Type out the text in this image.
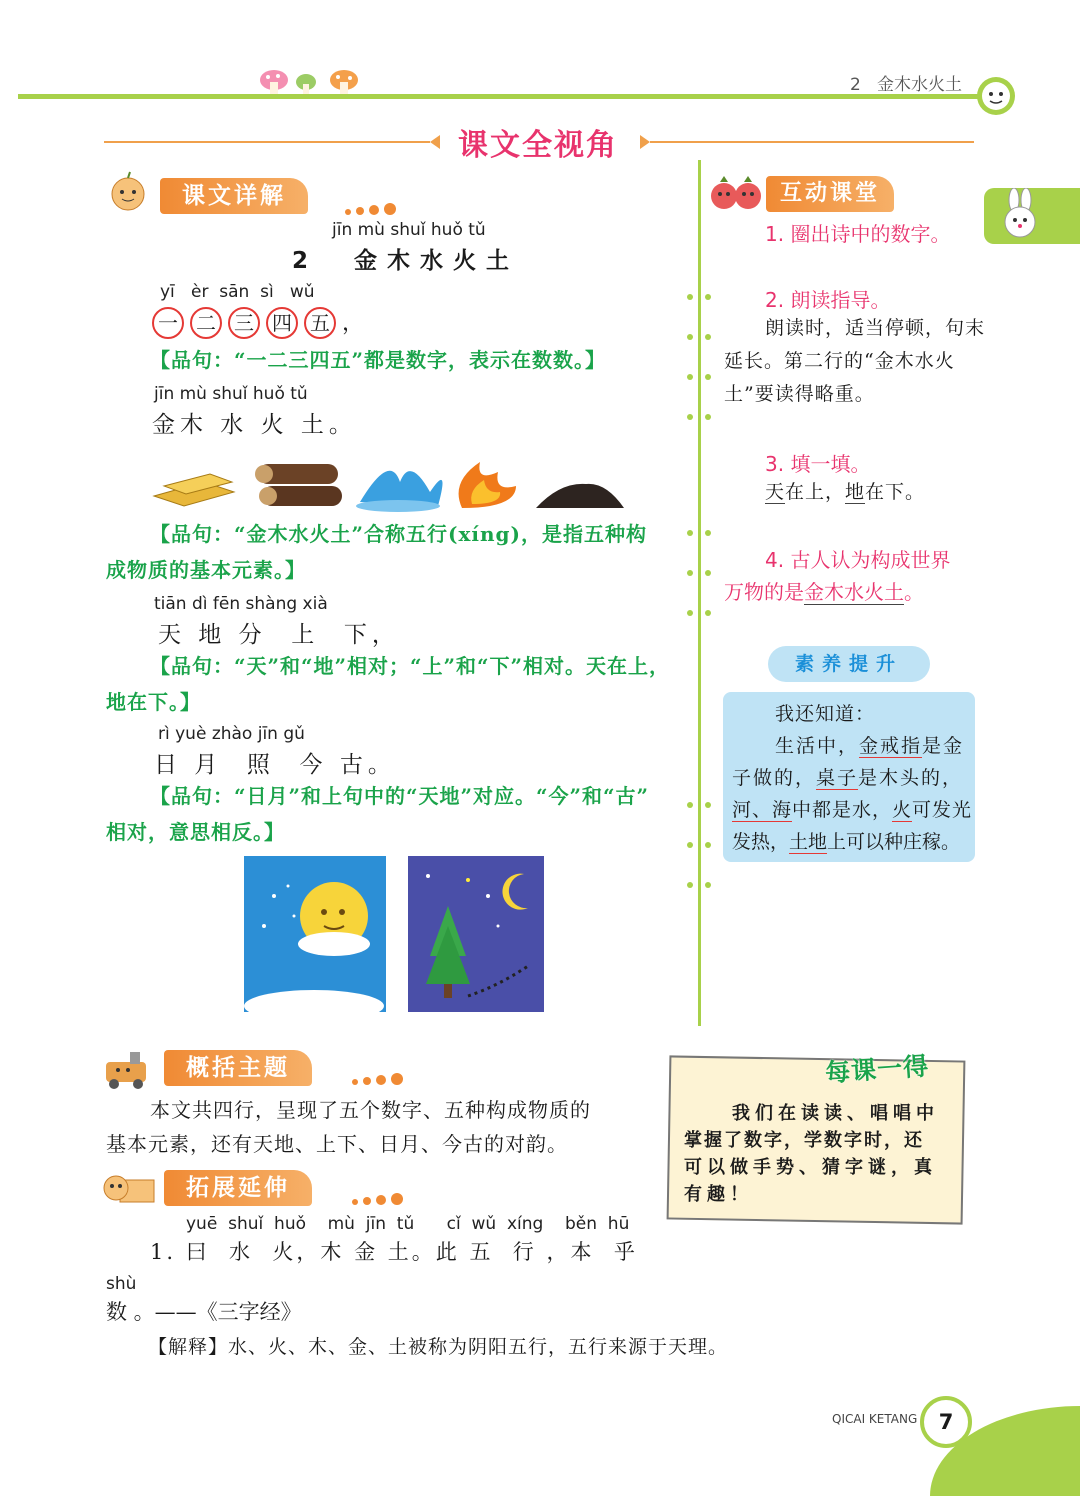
2 金木水火土
课文全视角
课文详解
jīn mù shuǐ huǒ tǔ
2 金木水火土
yī   èr  sān  sì   wǔ
一 二 三 四 五 ，
【品句：“一二三四五”都是数字，表示在数数。】
jīn mù shuǐ huǒ tǔ
金木 水 火 土。
【品句：“金木水火土”合称五行(xíng)，是指五种构
成物质的基本元素。】
tiān dì fēn shàng xià
天 地 分  上  下，
【品句：“天”和“地”相对；“上”和“下”相对。天在上，
地在下。】
rì yuè zhào jīn gǔ
日 月  照  今 古。
【品句：“日月”和上句中的“天地”对应。“今”和“古”
相对，意思相反。】
互动课堂
1. 圈出诗中的数字。
2. 朗读指导。
朗读时，适当停顿，句末
延长。第二行的“金木水火
土”要读得略重。
3. 填一填。
天在上，地在下。
4. 古人认为构成世界
万物的是金木水火土。
素养提升
我还知道：
生活中，金戒指是金
子做的，桌子是木头的，
河、海中都是水，火可发光
发热，土地上可以种庄稼。
概括主题
本文共四行，呈现了五个数字、五种构成物质的
基本元素，还有天地、上下、日月、今古的对韵。
拓展延伸
yuē  shuǐ  huǒ    mù  jīn  tǔ      cǐ  wǔ  xíng    běn  hū
1. 曰  水  火，木 金 土。此 五  行 ，本  乎
shù
数 。——《三字经》
【解释】水、火、木、金、土被称为阴阳五行，五行来源于天理。
每课一得
我们在读读、唱唱中
掌握了数字，学数字时，还
可以做手势、猜字谜，真
有趣！
QICAI KETANG	7
